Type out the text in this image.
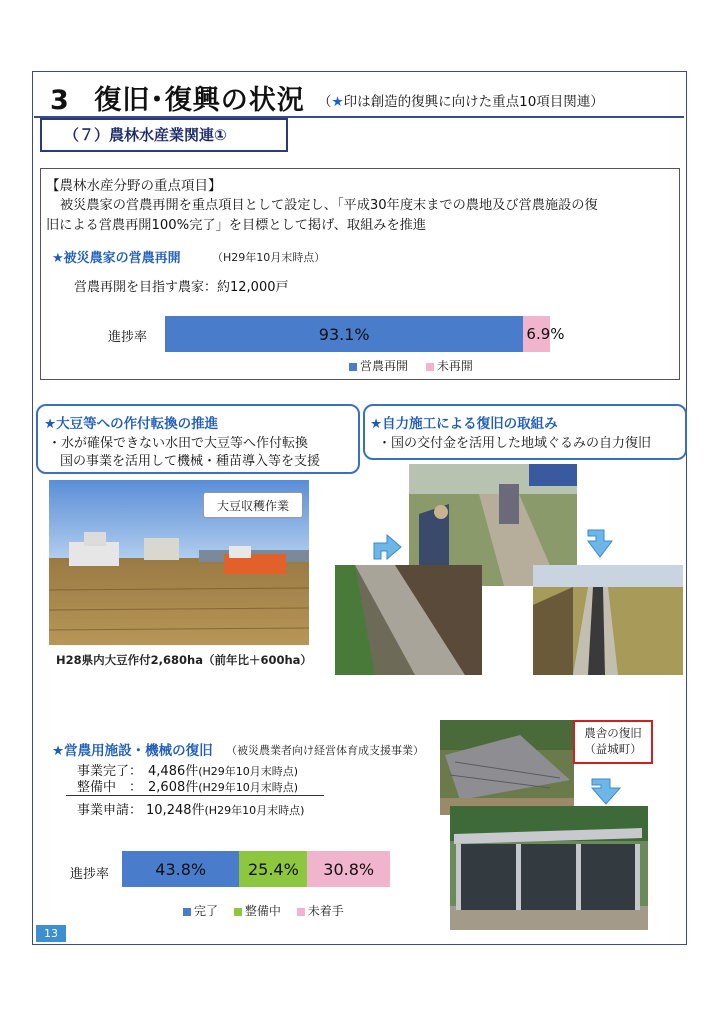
3 復旧･復興の状況 （★印は創造的復興に向けた重点10項目関連）
（７）農林水産業関連①
【農林水産分野の重点項目】
被災農家の営農再開を重点項目として設定し、「平成30年度末までの農地及び営農施設の復
旧による営農再開100%完了」を目標として掲げ、取組みを推進
★被災農家の営農再開	（H29年10月末時点）
営農再開を目指す農家：約12,000戸
進捗率	93.1%	6.9%
営農再開 未再開
★大豆等への作付転換の推進
・水が確保できない水田で大豆等へ作付転換
国の事業を活用して機械・種苗導入等を支援
★自力施工による復旧の取組み
・国の交付金を活用した地域ぐるみの自力復旧
大豆収穫作業
H28県内大豆作付2,680ha（前年比＋600ha）
★営農用施設・機械の復旧 （被災農業者向け経営体育成支援事業）
事業完了： 4,486件(H29年10月末時点)
整備中　： 2,608件(H29年10月末時点)
事業申請： 10,248件(H29年10月末時点)
進捗率	43.8%	25.4%	30.8%
完了 整備中 未着手
農舎の復旧
（益城町）
13
